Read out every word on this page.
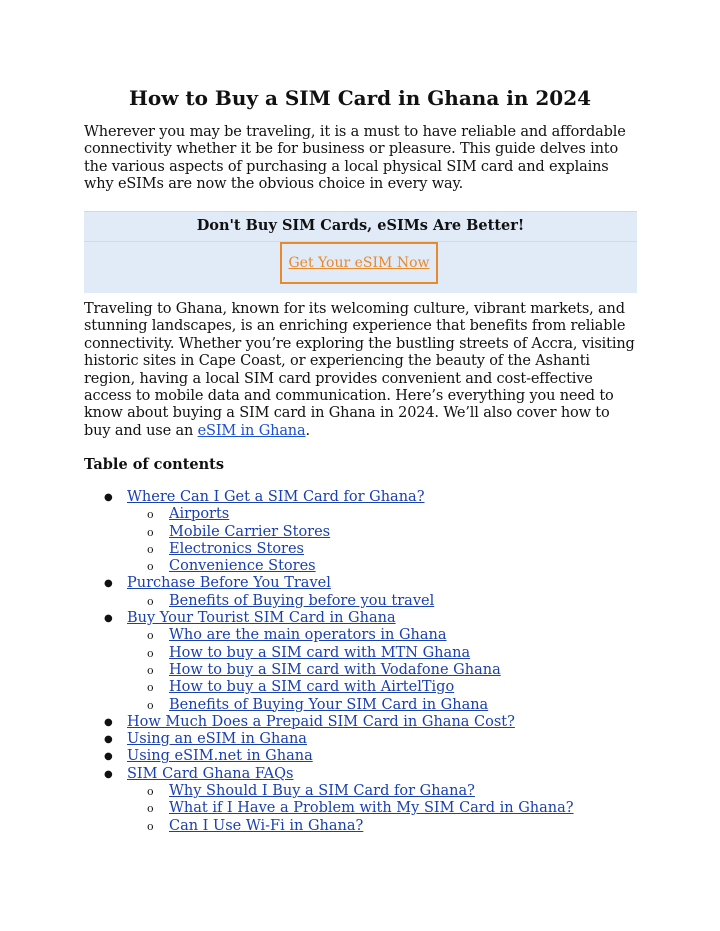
How to Buy a SIM Card in Ghana in 2024

Wherever you may be traveling, it is a must to have reliable and affordable connectivity whether it be for business or pleasure. This guide delves into the various aspects of purchasing a local physical SIM card and explains why eSIMs are now the obvious choice in every way.

Don't Buy SIM Cards, eSIMs Are Better!

Get Your eSIM Now

Traveling to Ghana, known for its welcoming culture, vibrant markets, and stunning landscapes, is an enriching experience that benefits from reliable connectivity. Whether you’re exploring the bustling streets of Accra, visiting historic sites in Cape Coast, or experiencing the beauty of the Ashanti region, having a local SIM card provides convenient and cost-effective access to mobile data and communication. Here’s everything you need to know about buying a SIM card in Ghana in 2024. We’ll also cover how to buy and use an eSIM in Ghana.

Table of contents

● Where Can I Get a SIM Card for Ghana?
o Airports
o Mobile Carrier Stores
o Electronics Stores
o Convenience Stores
● Purchase Before You Travel
o Benefits of Buying before you travel
● Buy Your Tourist SIM Card in Ghana
o Who are the main operators in Ghana
o How to buy a SIM card with MTN Ghana
o How to buy a SIM card with Vodafone Ghana
o How to buy a SIM card with AirtelTigo
o Benefits of Buying Your SIM Card in Ghana
● How Much Does a Prepaid SIM Card in Ghana Cost?
● Using an eSIM in Ghana
● Using eSIM.net in Ghana
● SIM Card Ghana FAQs
o Why Should I Buy a SIM Card for Ghana?
o What if I Have a Problem with My SIM Card in Ghana?
o Can I Use Wi-Fi in Ghana?
